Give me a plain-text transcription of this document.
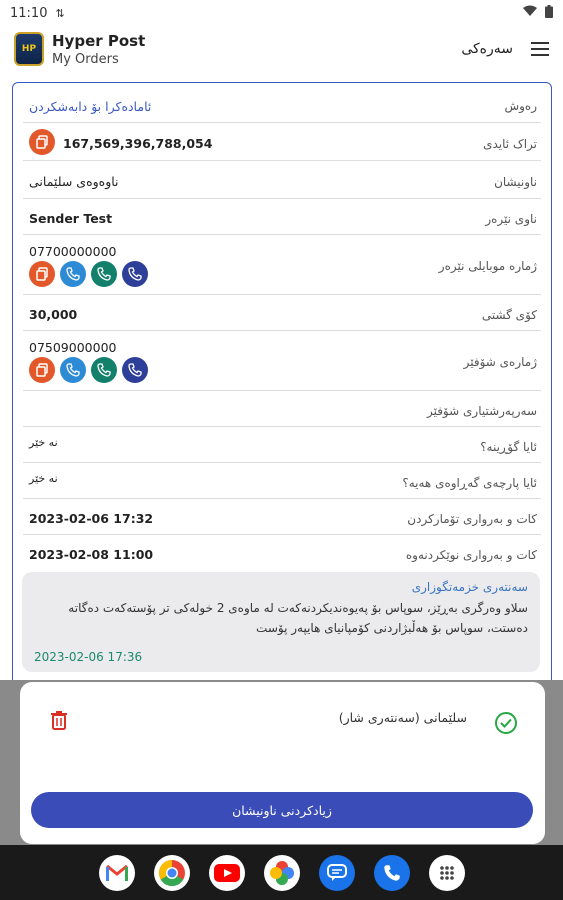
11:10 ⇅
HP	Hyper Post
My Orders
سەرەکی
رەوش
ئامادەکرا بۆ دابەشکردن
تراک ئایدی
167,569,396,788,054
ناونیشان
ناوەوەی سلێمانی
ناوی نێرەر
Sender Test
ژمارە موبایلی نێرەر
07700000000
کۆی گشتی
30,000
ژمارەی شۆفێر
07509000000
سەرپەرشتیاری شۆفێر
ئایا گۆڕینە؟
نە خێر
ئایا پارچەی گەڕاوەی هەیە؟
نە خێر
کات و بەرواری تۆمارکردن
2023-02-06 17:32
کات و بەرواری نوێکردنەوە
2023-02-08 11:00
سەنتەری خزمەتگوزاری
سلاو وەرگری بەڕێز، سوپاس بۆ پەیوەندیکردنەکەت لە ماوەی 2 خولەکی تر پۆستەکەت دەگاتە دەستت، سوپاس بۆ هەڵبژاردنی کۆمپانیای هایپەر پۆست
2023-02-06 17:36
سلێمانی (سەنتەری شار)
زیادکردنی ناونیشان
